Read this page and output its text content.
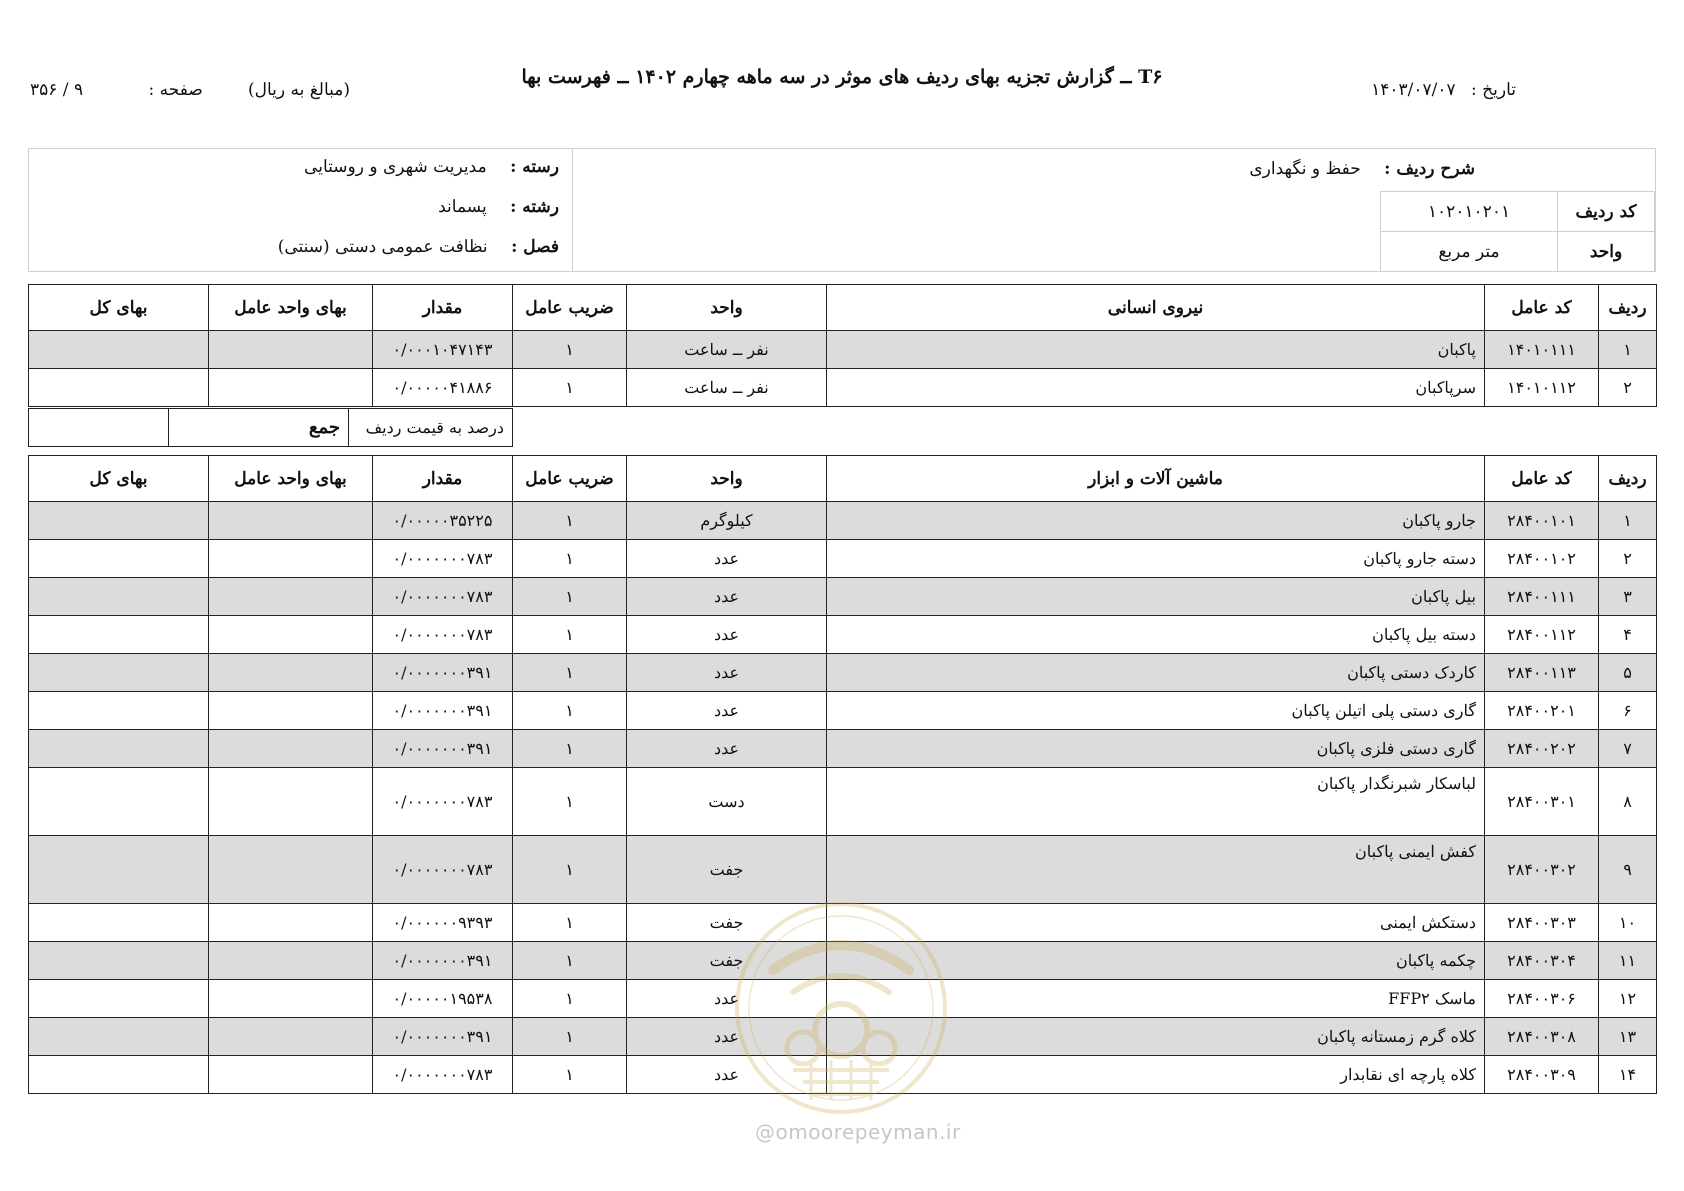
تاریخ : ۱۴۰۳/۰۷/۰۷
T۶ ــ گزارش تجزیه بهای ردیف های موثر در سه ماهه چهارم ۱۴۰۲ ــ فهرست بها
(مبالغ به ریال)
صفحه : ۹ / ۳۵۶
شرح ردیف : حفظ و نگهداری
کد ردیف
۱۰۲۰۱۰۲۰۱
واحد
متر مربع
رسته : مدیریت شهری و روستایی
رشته : پسماند
فصل : نظافت عمومی دستی (سنتی)
ردیف	کد عامل	نیروی انسانی	واحد	ضریب عامل	مقدار	بهای واحد عامل	بهای کل
۱	۱۴۰۱۰۱۱۱	پاکبان	نفر ــ ساعت	۱	۰/۰۰۰۱۰۴۷۱۴۳		
۲	۱۴۰۱۰۱۱۲	سرپاکبان	نفر ــ ساعت	۱	۰/۰۰۰۰۰۴۱۸۸۶		
	درصد به قیمت ردیف	جمع	
ردیف	کد عامل	ماشین آلات و ابزار	واحد	ضریب عامل	مقدار	بهای واحد عامل	بهای کل
۱	۲۸۴۰۰۱۰۱	جارو پاکبان	کیلوگرم	۱	۰/۰۰۰۰۰۳۵۲۲۵		
۲	۲۸۴۰۰۱۰۲	دسته جارو پاکبان	عدد	۱	۰/۰۰۰۰۰۰۰۷۸۳		
۳	۲۸۴۰۰۱۱۱	بیل پاکبان	عدد	۱	۰/۰۰۰۰۰۰۰۷۸۳		
۴	۲۸۴۰۰۱۱۲	دسته بیل پاکبان	عدد	۱	۰/۰۰۰۰۰۰۰۷۸۳		
۵	۲۸۴۰۰۱۱۳	کاردک دستی پاکبان	عدد	۱	۰/۰۰۰۰۰۰۰۳۹۱		
۶	۲۸۴۰۰۲۰۱	گاری دستی پلی اتیلن پاکبان	عدد	۱	۰/۰۰۰۰۰۰۰۳۹۱		
۷	۲۸۴۰۰۲۰۲	گاری دستی فلزی پاکبان	عدد	۱	۰/۰۰۰۰۰۰۰۳۹۱		
۸	۲۸۴۰۰۳۰۱	لباسکار شبرنگدار پاکبان	دست	۱	۰/۰۰۰۰۰۰۰۷۸۳		
۹	۲۸۴۰۰۳۰۲	کفش ایمنی پاکبان	جفت	۱	۰/۰۰۰۰۰۰۰۷۸۳		
۱۰	۲۸۴۰۰۳۰۳	دستکش ایمنی	جفت	۱	۰/۰۰۰۰۰۰۹۳۹۳		
۱۱	۲۸۴۰۰۳۰۴	چکمه پاکبان	جفت	۱	۰/۰۰۰۰۰۰۰۳۹۱		
۱۲	۲۸۴۰۰۳۰۶	ماسک FFP۲	عدد	۱	۰/۰۰۰۰۰۱۹۵۳۸		
۱۳	۲۸۴۰۰۳۰۸	کلاه گرم زمستانه پاکبان	عدد	۱	۰/۰۰۰۰۰۰۰۳۹۱		
۱۴	۲۸۴۰۰۳۰۹	کلاه پارچه ای نقابدار	عدد	۱	۰/۰۰۰۰۰۰۰۷۸۳		
@omoorepeyman.ir
